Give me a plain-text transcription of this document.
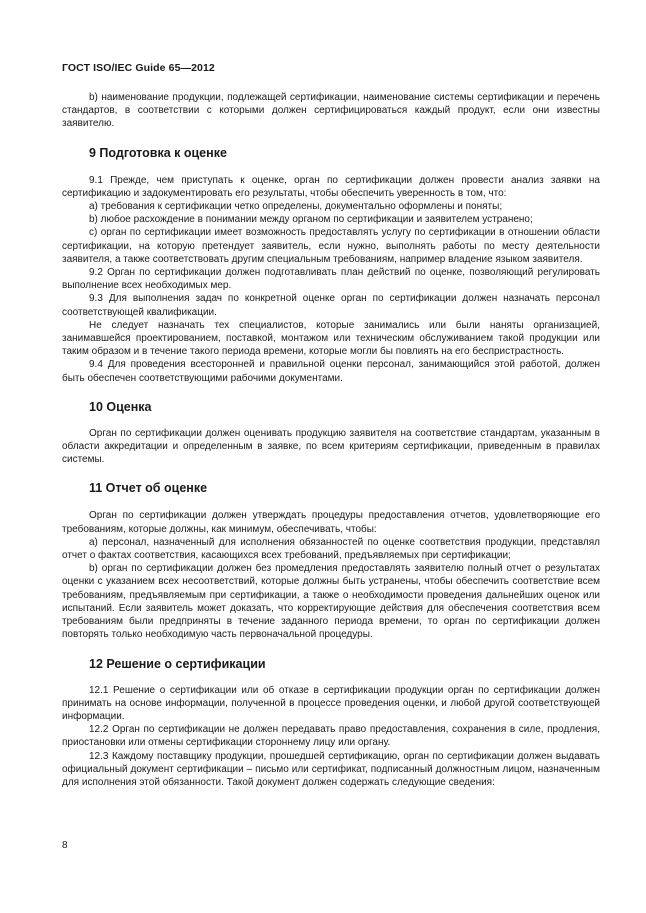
ГОСТ ISO/IEC Guide 65—2012

b) наименование продукции, подлежащей сертификации, наименование системы сертификации и перечень стандартов, в соответствии с которыми должен сертифицироваться каждый продукт, если они известны заявителю.

9 Подготовка к оценке

9.1 Прежде, чем приступать к оценке, орган по сертификации должен провести анализ заявки на сертификацию и задокументировать его результаты, чтобы обеспечить уверенность в том, что:

а) требования к сертификации четко определены, документально оформлены и поняты;

b) любое расхождение в понимании между органом по сертификации и заявителем устранено;

с) орган по сертификации имеет возможность предоставлять услугу по сертификации в отношении области сертификации, на которую претендует заявитель, если нужно, выполнять работы по месту деятельности заявителя, а также соответствовать другим специальным требованиям, например владение языком заявителя.

9.2 Орган по сертификации должен подготавливать план действий по оценке, позволяющий регулировать выполнение всех необходимых мер.

9.3 Для выполнения задач по конкретной оценке орган по сертификации должен назначать персонал соответствующей квалификации.

Не следует назначать тех специалистов, которые занимались или были наняты организацией, занимавшейся проектированием, поставкой, монтажом или техническим обслуживанием такой продукции или таким образом и в течение такого периода времени, которые могли бы повлиять на его беспристрастность.

9.4 Для проведения всесторонней и правильной оценки персонал, занимающийся этой работой, должен быть обеспечен соответствующими рабочими документами.

10 Оценка

Орган по сертификации должен оценивать продукцию заявителя на соответствие стандартам, указанным в области аккредитации и определенным в заявке, по всем критериям сертификации, приведенным в правилах системы.

11 Отчет об оценке

Орган по сертификации должен утверждать процедуры предоставления отчетов, удовлетворяющие его требованиям, которые должны, как минимум, обеспечивать, чтобы:

а) персонал, назначенный для исполнения обязанностей по оценке соответствия продукции, представлял отчет о фактах соответствия, касающихся всех требований, предъявляемых при сертификации;

b) орган по сертификации должен без промедления предоставлять заявителю полный отчет о результатах оценки с указанием всех несоответствий, которые должны быть устранены, чтобы обеспечить соответствие всем требованиям, предъявляемым при сертификации, а также о необходимости проведения дальнейших оценок или испытаний. Если заявитель может доказать, что корректирующие действия для обеспечения соответствия всем требованиям были предприняты в течение заданного периода времени, то орган по сертификации должен повторять только необходимую часть первоначальной процедуры.

12 Решение о сертификации

12.1 Решение о сертификации или об отказе в сертификации продукции орган по сертификации должен принимать на основе информации, полученной в процессе проведения оценки, и любой другой соответствующей информации.

12.2 Орган по сертификации не должен передавать право предоставления, сохранения в силе, продления, приостановки или отмены сертификации стороннему лицу или органу.

12.3 Каждому поставщику продукции, прошедшей сертификацию, орган по сертификации должен выдавать официальный документ сертификации – письмо или сертификат, подписанный должностным лицом, назначенным для исполнения этой обязанности. Такой документ должен содержать следующие сведения:

8
